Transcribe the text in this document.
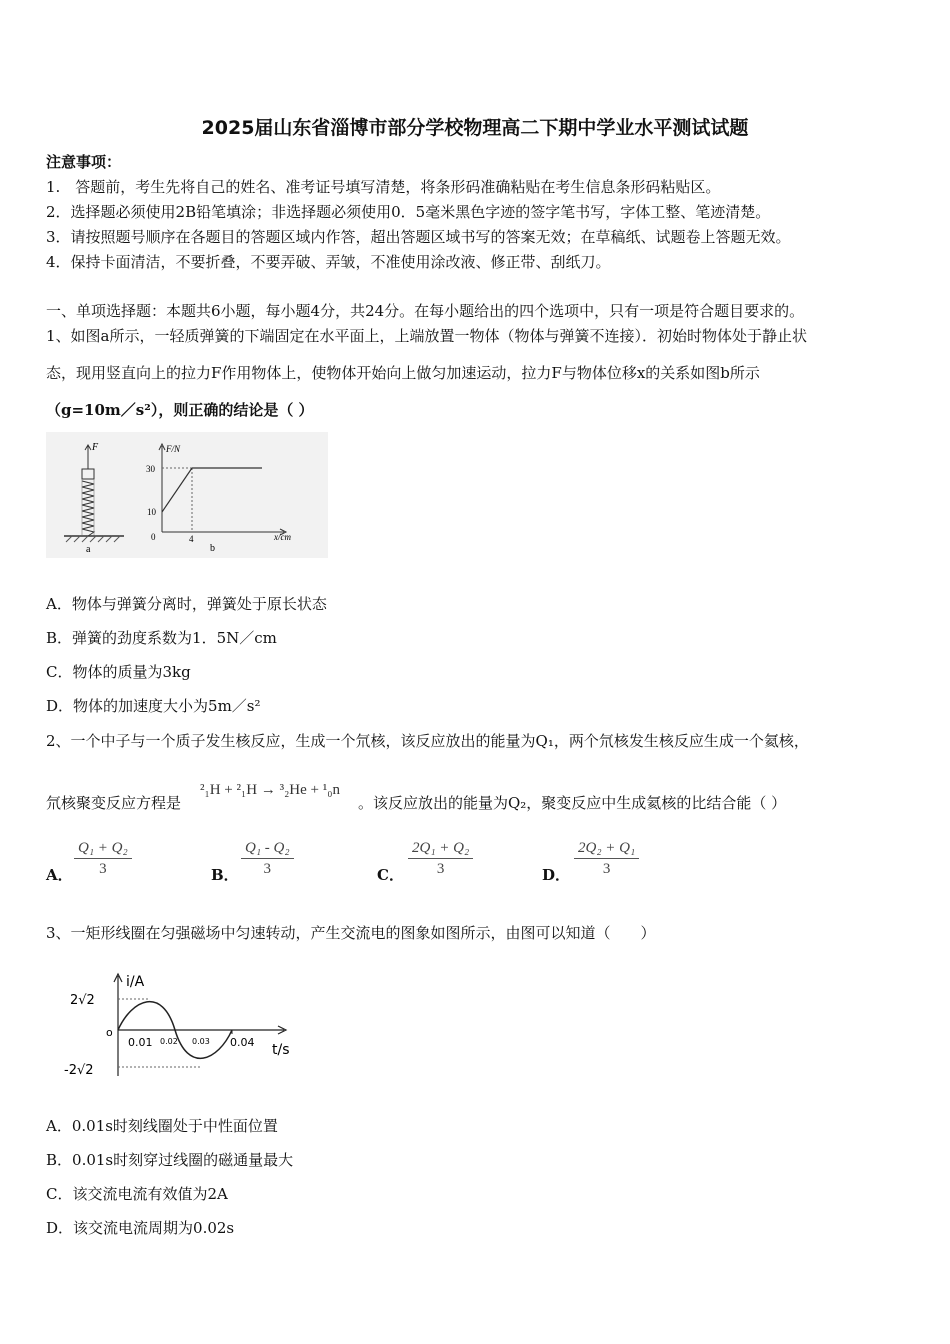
2025届山东省淄博市部分学校物理高二下期中学业水平测试试题
注意事项：
1.　答题前，考生先将自己的姓名、准考证号填写清楚，将条形码准确粘贴在考生信息条形码粘贴区。
2．选择题必须使用2B铅笔填涂；非选择题必须使用0．5毫米黑色字迹的签字笔书写，字体工整、笔迹清楚。
3．请按照题号顺序在各题目的答题区域内作答，超出答题区域书写的答案无效；在草稿纸、试题卷上答题无效。
4．保持卡面清洁，不要折叠，不要弄破、弄皱，不准使用涂改液、修正带、刮纸刀。
一、单项选择题：本题共6小题，每小题4分，共24分。在每小题给出的四个选项中，只有一项是符合题目要求的。
1、如图a所示，一轻质弹簧的下端固定在水平面上，上端放置一物体（物体与弹簧不连接）．初始时物体处于静止状
态，现用竖直向上的拉力F作用物体上，使物体开始向上做匀加速运动，拉力F与物体位移x的关系如图b所示
（g=10m／s²），则正确的结论是（ ）
F
a
F/N
x/cm
30
10
0	4
b
A．物体与弹簧分离时，弹簧处于原长状态
B．弹簧的劲度系数为1．5N／cm
C．物体的质量为3kg
D．物体的加速度大小为5m／s²
2、一个中子与一个质子发生核反应，生成一个氘核，该反应放出的能量为Q₁，两个氘核发生核反应生成一个氦核，
氘核聚变反应方程是
²₁H + ²₁H → ³₂He + ¹₀n
。该反应放出的能量为Q₂，聚变反应中生成氦核的比结合能（ ）
A． $\frac{\text{Q₁ + Q₂}}{3}$	B． $\frac{\text{Q₁ - Q₂}}{3}$	C． $\frac{\text{2Q₁ + Q₂}}{3}$	D． $\frac{\text{2Q₂ + Q₁}}{3}$
3、一矩形线圈在匀强磁场中匀速转动，产生交流电的图象如图所示，由图可以知道（　　）
i/A
t/s
o
2√2
-2√2
0.01 0.02 0.03 0.04
A．0.01s时刻线圈处于中性面位置
B．0.01s时刻穿过线圈的磁通量最大
C．该交流电流有效值为2A
D．该交流电流周期为0.02s
